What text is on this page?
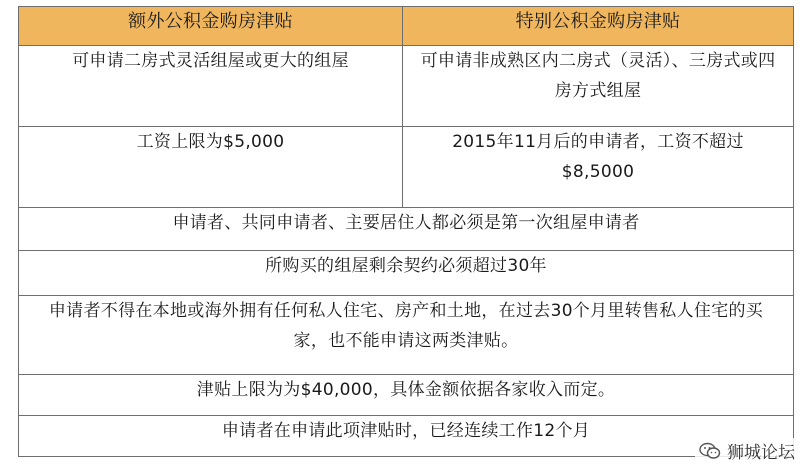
额外公积金购房津贴	特别公积金购房津贴
可申请二房式灵活组屋或更大的组屋	可申请非成熟区内二房式（灵活）、三房式或四房方式组屋
工资上限为$5,000	2015年11月后的申请者，工资不超过$8,5000
申请者、共同申请者、主要居住人都必须是第一次组屋申请者	
所购买的组屋剩余契约必须超过30年	
申请者不得在本地或海外拥有任何私人住宅、房产和土地，在过去30个月里转售私人住宅的买家，也不能申请这两类津贴。	
津贴上限为为$40,000，具体金额依据各家收入而定。	
申请者在申请此项津贴时，已经连续工作12个月	
狮城论坛
